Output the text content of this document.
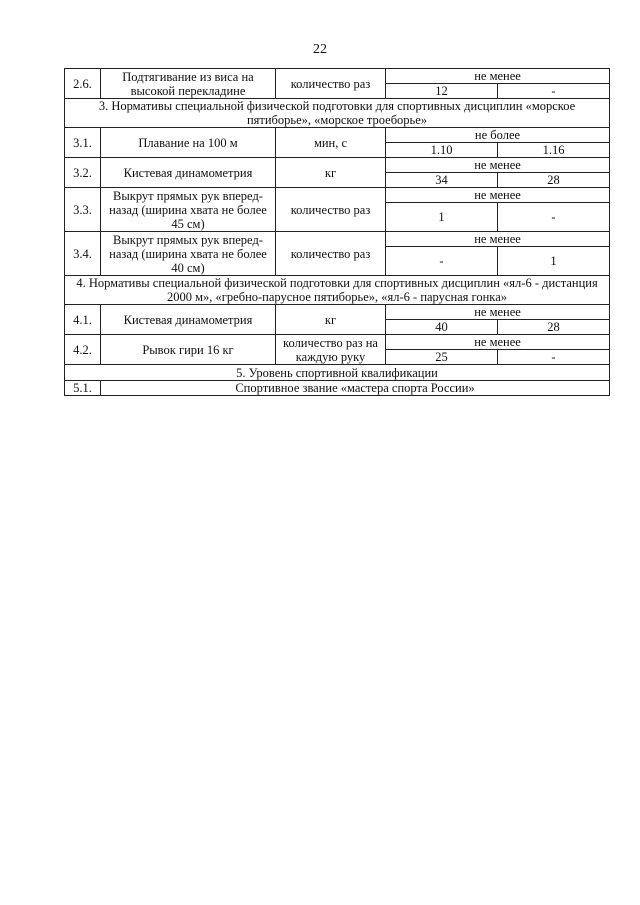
22
2.6.	Подтягивание из виса на высокой перекладине	количество раз	не менее	
			12	-
3. Нормативы специальной физической подготовки для спортивных дисциплин «морское пятиборье», «морское троеборье»				
3.1.	Плавание на 100 м	мин, с	не более	
			1.10	1.16
3.2.	Кистевая динамометрия	кг	не менее	
			34	28
3.3.	Выкрут прямых рук вперед-назад (ширина хвата не более 45 см)	количество раз	не менее	
			1	-
3.4.	Выкрут прямых рук вперед-назад (ширина хвата не более 40 см)	количество раз	не менее	
			-	1
4. Нормативы специальной физической подготовки для спортивных дисциплин «ял-6 - дистанция 2000 м», «гребно-парусное пятиборье», «ял-6 - парусная гонка»				
4.1.	Кистевая динамометрия	кг	не менее	
			40	28
4.2.	Рывок гири 16 кг	количество раз на каждую руку	не менее	
			25	-
5. Уровень спортивной квалификации				
5.1.	Спортивное звание «мастера спорта России»			
